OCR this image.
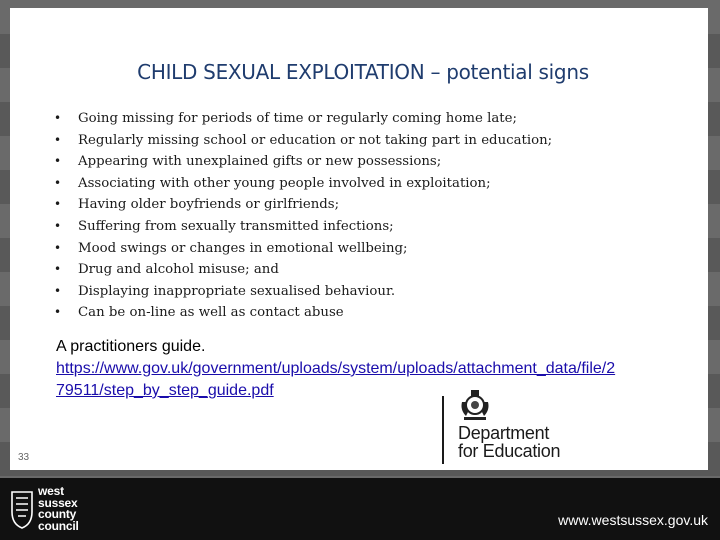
CHILD SEXUAL EXPLOITATION – potential signs
•	Going missing for periods of time or regularly coming home late;
•	Regularly missing school or education or not taking part in education;
•	Appearing with unexplained gifts or new possessions;
•	Associating with other young people involved in exploitation;
•	Having older boyfriends or girlfriends;
•	Suffering from sexually transmitted infections;
•	Mood swings or changes in emotional wellbeing;
•	Drug and alcohol misuse; and
•	Displaying inappropriate sexualised behaviour.
•	Can be on-line as well as contact abuse
A practitioners guide.
https://www.gov.uk/government/uploads/system/uploads/attachment_data/file/279511/step_by_step_guide.pdf
33
Department
for Education
west
sussex
county
council	www.westsussex.gov.uk
